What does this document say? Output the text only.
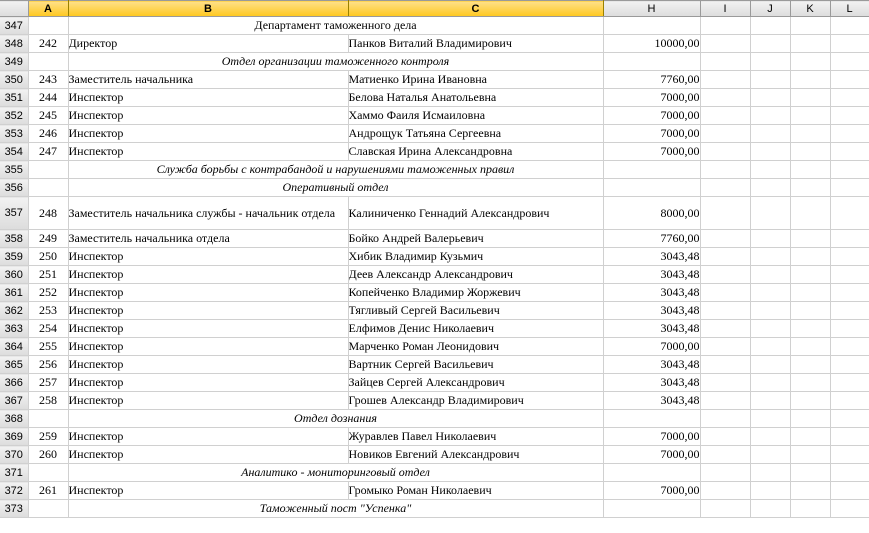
	A	B	C	H	I	J	K	L
347		Департамент таможенного дела						
348	242	Директор	Панков Виталий Владимирович	10000,00				
349		Отдел организации таможенного контроля						
350	243	Заместитель начальника	Матиенко Ирина Ивановна	7760,00				
351	244	Инспектор	Белова Наталья Анатольевна	7000,00				
352	245	Инспектор	Хаммо Фаиля Исмаиловна	7000,00				
353	246	Инспектор	Андрощук Татьяна Сергеевна	7000,00				
354	247	Инспектор	Славская Ирина Александровна	7000,00				
355		Служба борьбы с контрабандой и нарушениями таможенных правил						
356		Оперативный отдел						
357	248	Заместитель начальника службы - начальник отдела	Калиниченко Геннадий Александрович	8000,00				
358	249	Заместитель начальника отдела	Бойко Андрей Валерьевич	7760,00				
359	250	Инспектор	Хибик Владимир Кузьмич	3043,48				
360	251	Инспектор	Деев Александр Александрович	3043,48				
361	252	Инспектор	Копейченко Владимир Жоржевич	3043,48				
362	253	Инспектор	Тягливый Сергей Васильевич	3043,48				
363	254	Инспектор	Елфимов Денис Николаевич	3043,48				
364	255	Инспектор	Марченко Роман Леонидович	7000,00				
365	256	Инспектор	Вартник Сергей Васильевич	3043,48				
366	257	Инспектор	Зайцев Сергей Александрович	3043,48				
367	258	Инспектор	Грошев Александр Владимирович	3043,48				
368		Отдел дознания						
369	259	Инспектор	Журавлев Павел Николаевич	7000,00				
370	260	Инспектор	Новиков Евгений Александрович	7000,00				
371		Аналитико - мониторинговый отдел						
372	261	Инспектор	Громыко Роман Николаевич	7000,00				
373		Таможенный пост "Успенка"						
